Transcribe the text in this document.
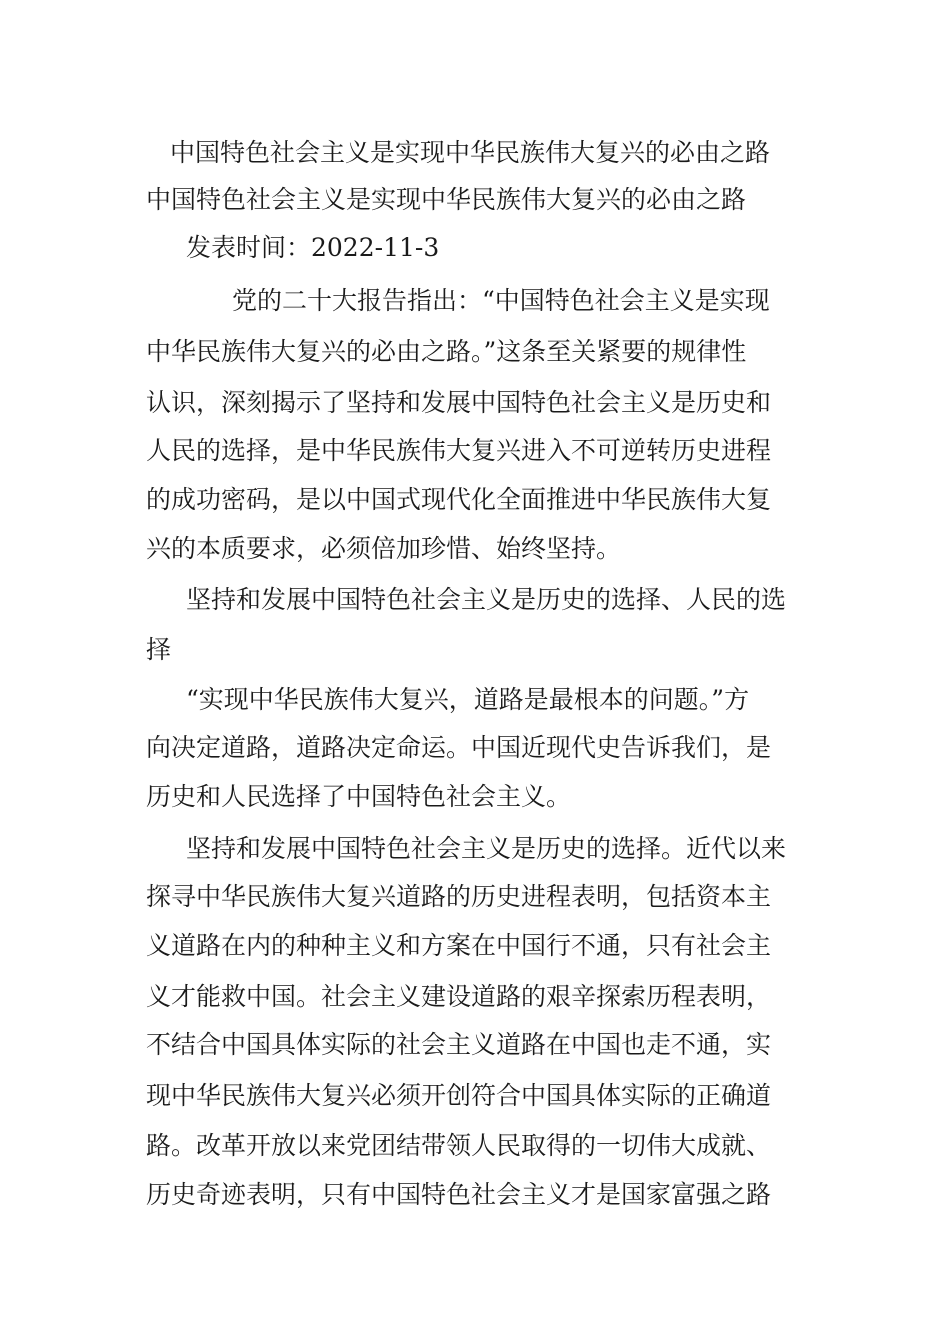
中国特色社会主义是实现中华民族伟大复兴的必由之路
中国特色社会主义是实现中华民族伟大复兴的必由之路
发表时间：2022-11-3
党的二十大报告指出：“中国特色社会主义是实现
中华民族伟大复兴的必由之路。”这条至关紧要的规律性
认识，深刻揭示了坚持和发展中国特色社会主义是历史和
人民的选择，是中华民族伟大复兴进入不可逆转历史进程
的成功密码，是以中国式现代化全面推进中华民族伟大复
兴的本质要求，必须倍加珍惜、始终坚持。
坚持和发展中国特色社会主义是历史的选择、人民的选
择
“实现中华民族伟大复兴，道路是最根本的问题。”方
向决定道路，道路决定命运。中国近现代史告诉我们，是
历史和人民选择了中国特色社会主义。
坚持和发展中国特色社会主义是历史的选择。近代以来
探寻中华民族伟大复兴道路的历史进程表明，包括资本主
义道路在内的种种主义和方案在中国行不通，只有社会主
义才能救中国。社会主义建设道路的艰辛探索历程表明，
不结合中国具体实际的社会主义道路在中国也走不通，实
现中华民族伟大复兴必须开创符合中国具体实际的正确道
路。改革开放以来党团结带领人民取得的一切伟大成就、
历史奇迹表明，只有中国特色社会主义才是国家富强之路
